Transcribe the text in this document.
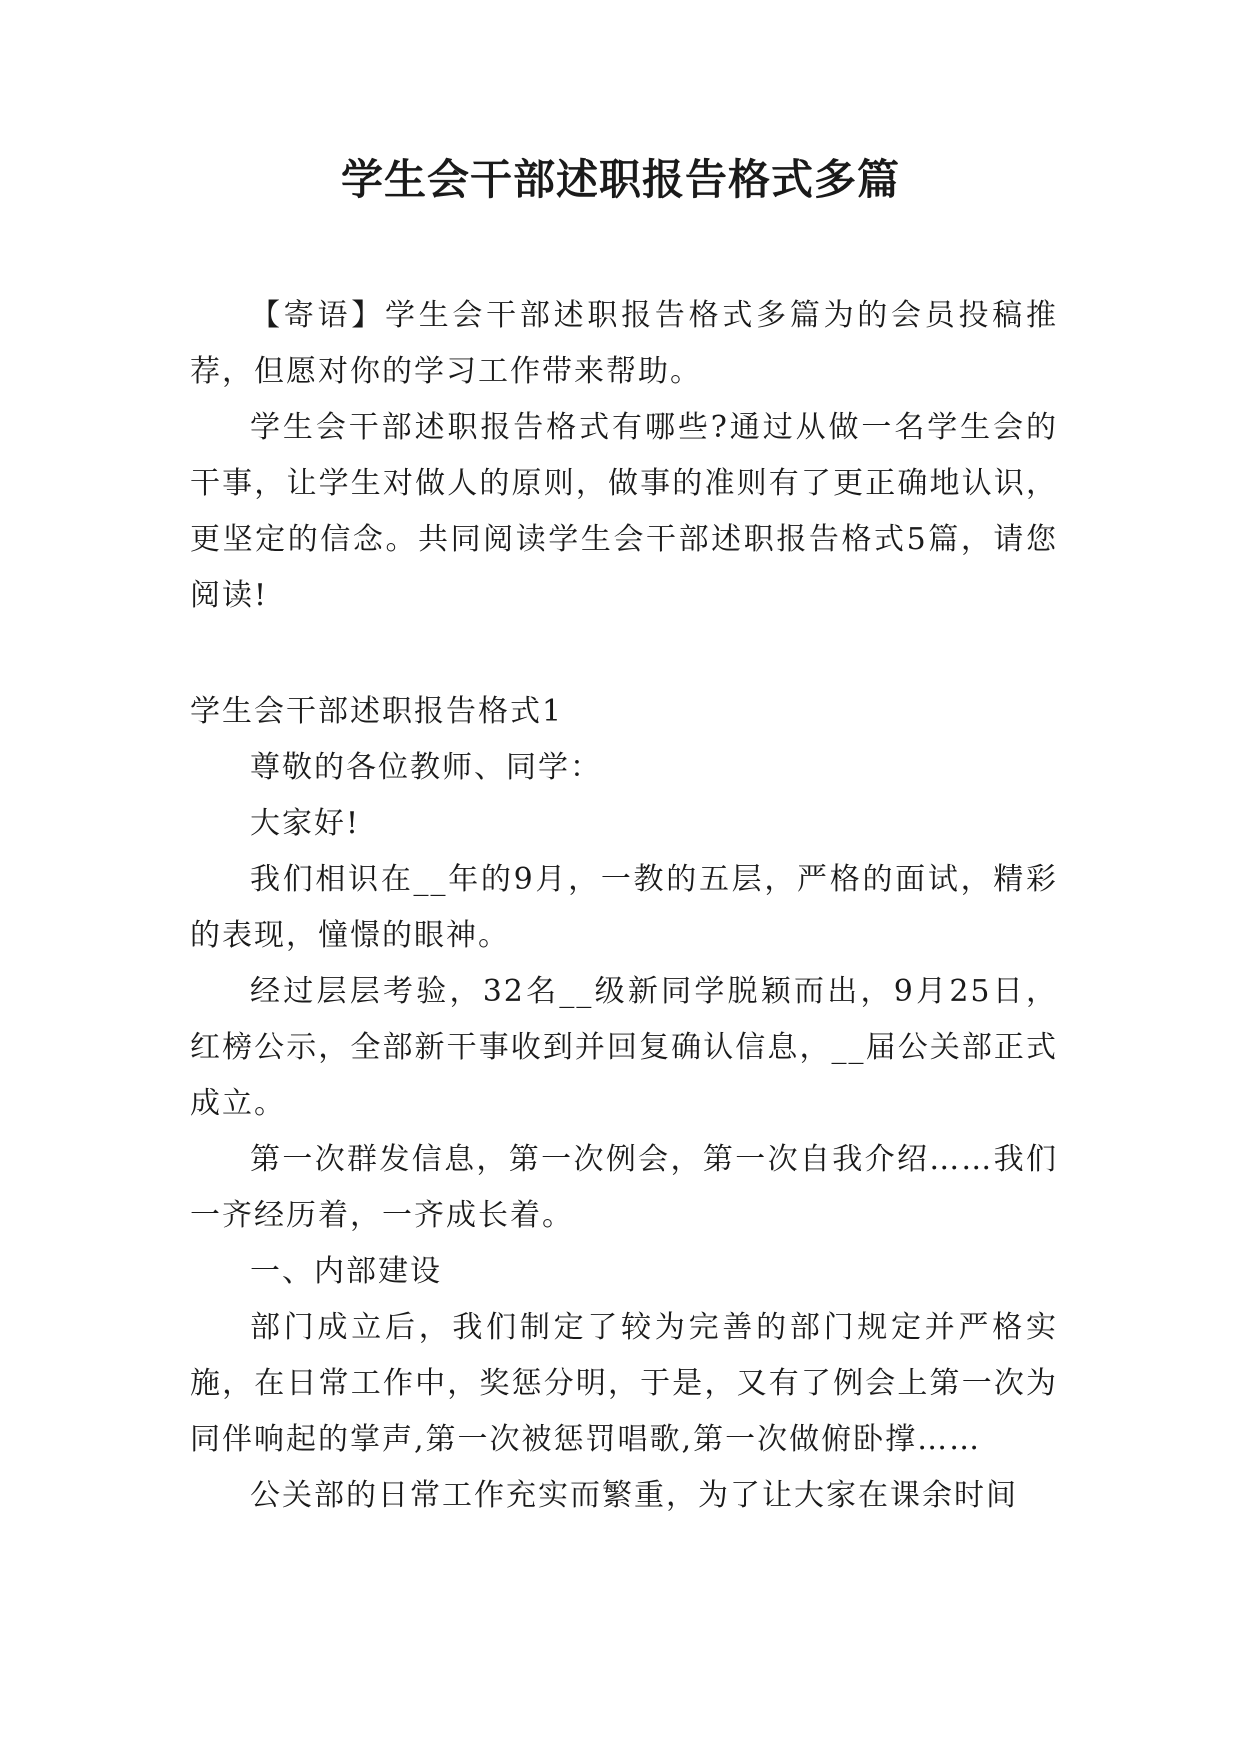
学生会干部述职报告格式多篇

【寄语】学生会干部述职报告格式多篇为的会员投稿推荐，但愿对你的学习工作带来帮助。

学生会干部述职报告格式有哪些?通过从做一名学生会的干事，让学生对做人的原则，做事的准则有了更正确地认识，更坚定的信念。共同阅读学生会干部述职报告格式5篇，请您阅读!

学生会干部述职报告格式1

尊敬的各位教师、同学：

大家好!

我们相识在__年的9月，一教的五层，严格的面试，精彩的表现，憧憬的眼神。

经过层层考验，32名__级新同学脱颖而出，9月25日，红榜公示，全部新干事收到并回复确认信息，__届公关部正式成立。

第一次群发信息，第一次例会，第一次自我介绍……我们一齐经历着，一齐成长着。

一、内部建设

部门成立后，我们制定了较为完善的部门规定并严格实施，在日常工作中，奖惩分明，于是，又有了例会上第一次为同伴响起的掌声,第一次被惩罚唱歌,第一次做俯卧撑……

公关部的日常工作充实而繁重，为了让大家在课余时间
